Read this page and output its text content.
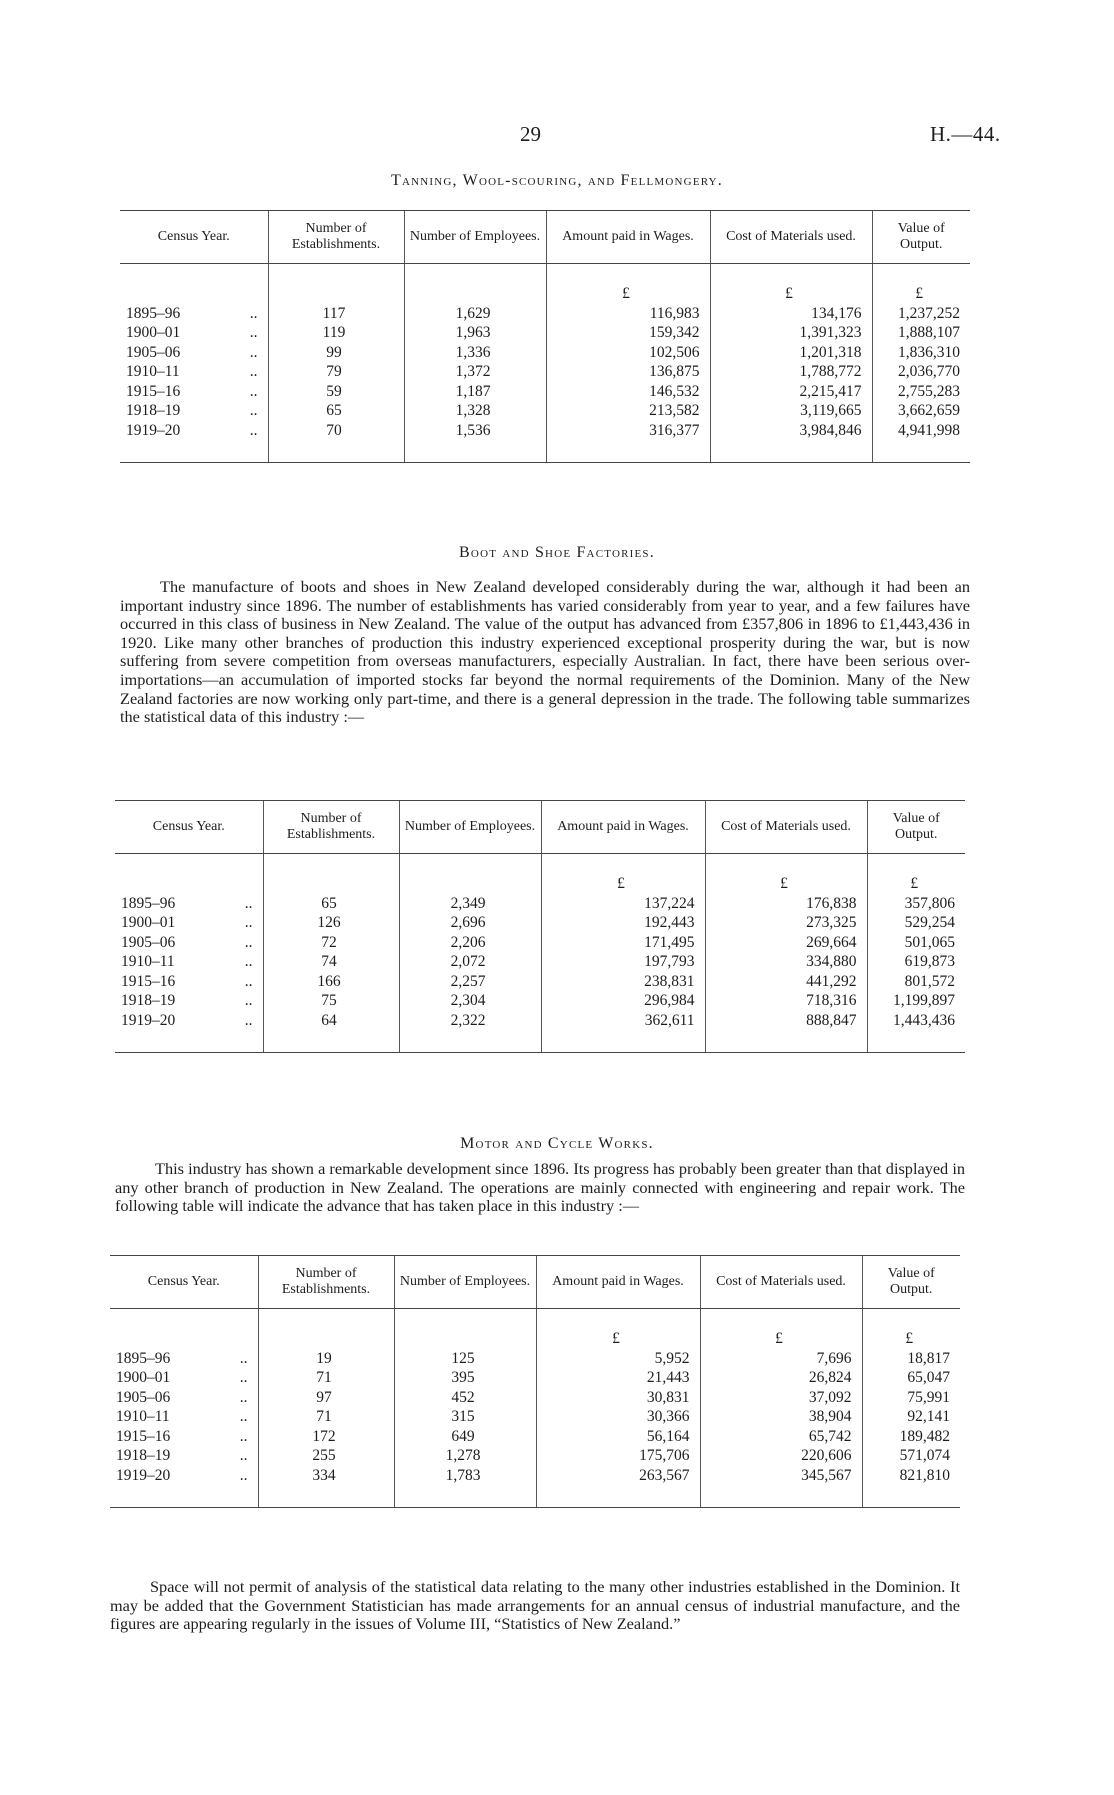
29	H.—44.
Tanning, Wool-scouring, and Fellmongery.
Census Year.	Number of Establishments.	Number of Employees.	Amount paid in Wages.	Cost of Materials used.	Value of Output.
			£	£	£
1895–96 ..	117	1,629	116,983	134,176	1,237,252
1900–01 ..	119	1,963	159,342	1,391,323	1,888,107
1905–06 ..	99	1,336	102,506	1,201,318	1,836,310
1910–11 ..	79	1,372	136,875	1,788,772	2,036,770
1915–16 ..	59	1,187	146,532	2,215,417	2,755,283
1918–19 ..	65	1,328	213,582	3,119,665	3,662,659
1919–20 ..	70	1,536	316,377	3,984,846	4,941,998
Boot and Shoe Factories.

The manufacture of boots and shoes in New Zealand developed considerably during the war, although it had been an important industry since 1896. The number of establishments has varied considerably from year to year, and a few failures have occurred in this class of business in New Zealand. The value of the output has advanced from £357,806 in 1896 to £1,443,436 in 1920. Like many other branches of production this industry experienced exceptional prosperity during the war, but is now suffering from severe competition from overseas manufacturers, especially Australian. In fact, there have been serious over-importations—an accumulation of imported stocks far beyond the normal requirements of the Dominion. Many of the New Zealand factories are now working only part-time, and there is a general depression in the trade. The following table summarizes the statistical data of this industry :—

Census Year.	Number of Establishments.	Number of Employees.	Amount paid in Wages.	Cost of Materials used.	Value of Output.
			£	£	£
1895–96 ..	65	2,349	137,224	176,838	357,806
1900–01 ..	126	2,696	192,443	273,325	529,254
1905–06 ..	72	2,206	171,495	269,664	501,065
1910–11 ..	74	2,072	197,793	334,880	619,873
1915–16 ..	166	2,257	238,831	441,292	801,572
1918–19 ..	75	2,304	296,984	718,316	1,199,897
1919–20 ..	64	2,322	362,611	888,847	1,443,436
Motor and Cycle Works.

This industry has shown a remarkable development since 1896. Its progress has probably been greater than that displayed in any other branch of production in New Zealand. The operations are mainly connected with engineering and repair work. The following table will indicate the advance that has taken place in this industry :—

Census Year.	Number of Establishments.	Number of Employees.	Amount paid in Wages.	Cost of Materials used.	Value of Output.
			£	£	£
1895–96 ..	19	125	5,952	7,696	18,817
1900–01 ..	71	395	21,443	26,824	65,047
1905–06 ..	97	452	30,831	37,092	75,991
1910–11 ..	71	315	30,366	38,904	92,141
1915–16 ..	172	649	56,164	65,742	189,482
1918–19 ..	255	1,278	175,706	220,606	571,074
1919–20 ..	334	1,783	263,567	345,567	821,810

Space will not permit of analysis of the statistical data relating to the many other industries established in the Dominion. It may be added that the Government Statistician has made arrangements for an annual census of industrial manufacture, and the figures are appearing regularly in the issues of Volume III, “Statistics of New Zealand.”
